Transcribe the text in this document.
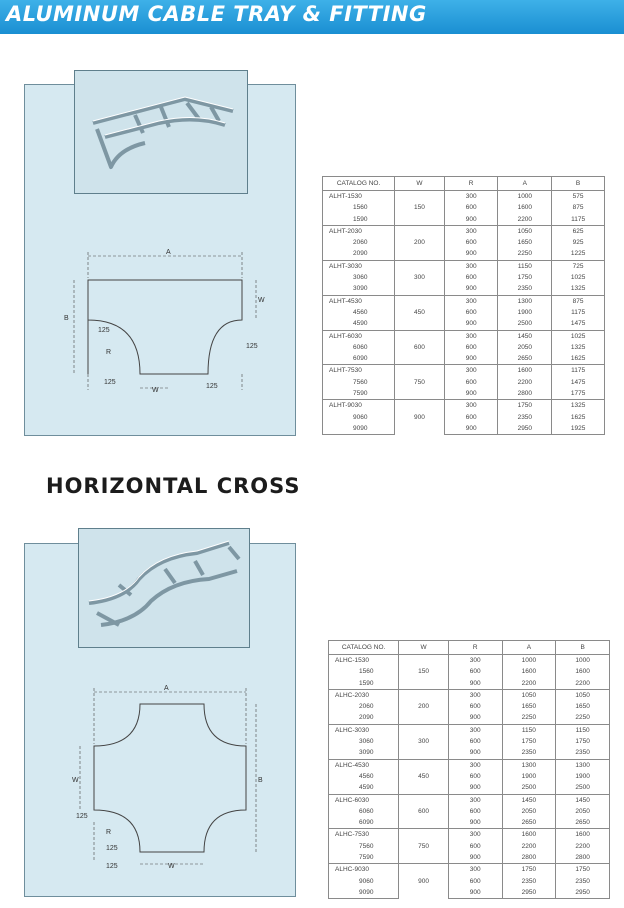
ALUMINUM CABLE TRAY & FITTING
A
B
W
R
125
125
125
125
W
CATALOG NO.	W	R	A	B
ALHT-1530	150	300	1000	575
1560		600	1600	875
1590		900	2200	1175
ALHT-2030	200	300	1050	625
2060		600	1650	925
2090		900	2250	1225
ALHT-3030	300	300	1150	725
3060		600	1750	1025
3090		900	2350	1325
ALHT-4530	450	300	1300	875
4560		600	1900	1175
4590		900	2500	1475
ALHT-6030	600	300	1450	1025
6060		600	2050	1325
6090		900	2650	1625
ALHT-7530	750	300	1600	1175
7560		600	2200	1475
7590		900	2800	1775
ALHT-9030	900	300	1750	1325
9060		600	2350	1625
9090		900	2950	1925
HORIZONTAL CROSS
A
B
W
R
125
125
125	W
CATALOG NO.	W	R	A	B
ALHC-1530	150	300	1000	1000
1560		600	1600	1600
1590		900	2200	2200
ALHC-2030	200	300	1050	1050
2060		600	1650	1650
2090		900	2250	2250
ALHC-3030	300	300	1150	1150
3060		600	1750	1750
3090		900	2350	2350
ALHC-4530	450	300	1300	1300
4560		600	1900	1900
4590		900	2500	2500
ALHC-6030	600	300	1450	1450
6060		600	2050	2050
6090		900	2650	2650
ALHC-7530	750	300	1600	1600
7560		600	2200	2200
7590		900	2800	2800
ALHC-9030	900	300	1750	1750
9060		600	2350	2350
9090		900	2950	2950
